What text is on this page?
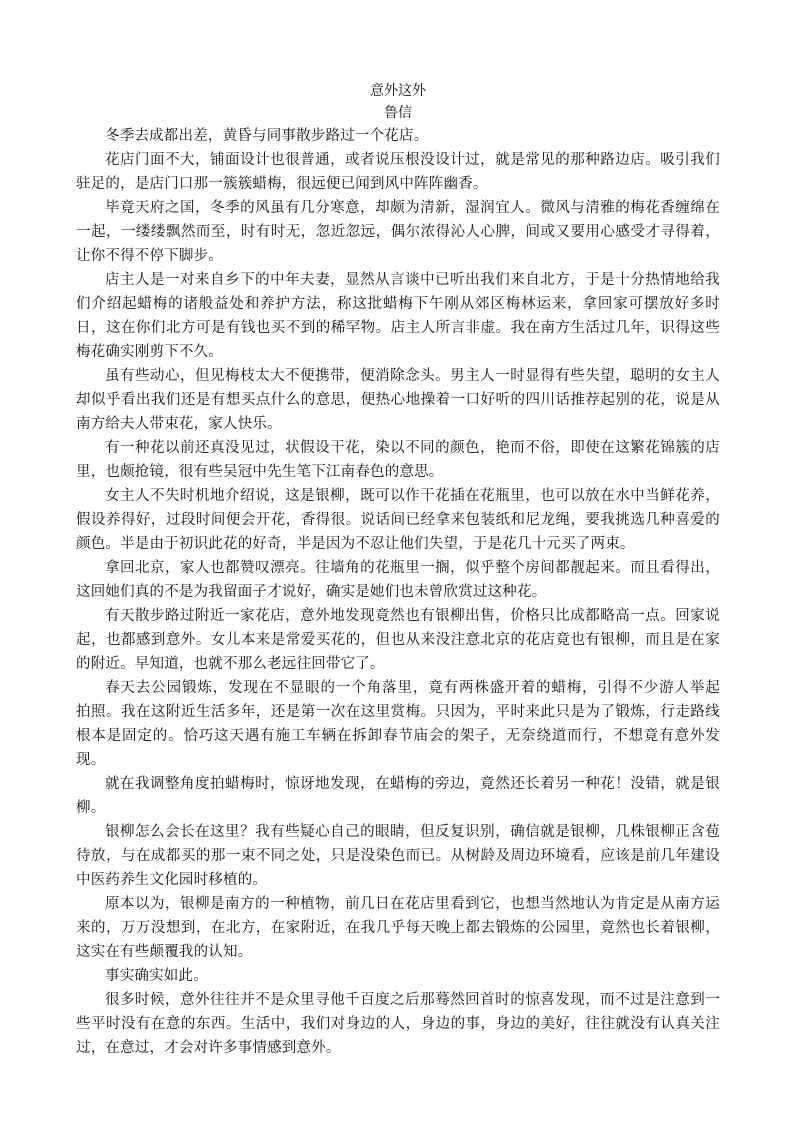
意外这外
鲁信

冬季去成都出差，黄昏与同事散步路过一个花店。

花店门面不大，铺面设计也很普通，或者说压根没设计过，就是常见的那种路边店。吸引我们驻足的，是店门口那一簇簇蜡梅，很远便已闻到风中阵阵幽香。

毕竟天府之国，冬季的风虽有几分寒意，却颇为清新，湿润宜人。微风与清雅的梅花香缠绵在一起，一缕缕飘然而至，时有时无，忽近忽远，偶尔浓得沁人心脾，间或又要用心感受才寻得着，让你不得不停下脚步。

店主人是一对来自乡下的中年夫妻，显然从言谈中已听出我们来自北方，于是十分热情地给我们介绍起蜡梅的诸般益处和养护方法，称这批蜡梅下午刚从郊区梅林运来，拿回家可摆放好多时日，这在你们北方可是有钱也买不到的稀罕物。店主人所言非虚。我在南方生活过几年，识得这些梅花确实刚剪下不久。

虽有些动心，但见梅枝太大不便携带，便消除念头。男主人一时显得有些失望，聪明的女主人却似乎看出我们还是有想买点什么的意思，便热心地操着一口好听的四川话推荐起别的花，说是从南方给夫人带束花，家人快乐。

有一种花以前还真没见过，状假设干花，染以不同的颜色，艳而不俗，即使在这繁花锦簇的店里，也颇抢镜，很有些吴冠中先生笔下江南春色的意思。

女主人不失时机地介绍说，这是银柳，既可以作干花插在花瓶里，也可以放在水中当鲜花养，假设养得好，过段时间便会开花，香得很。说话间已经拿来包装纸和尼龙绳，要我挑选几种喜爱的颜色。半是由于初识此花的好奇，半是因为不忍让他们失望，于是花几十元买了两束。

拿回北京，家人也都赞叹漂亮。往墙角的花瓶里一搁，似乎整个房间都靓起来。而且看得出，这回她们真的不是为我留面子才说好，确实是她们也未曾欣赏过这种花。

有天散步路过附近一家花店，意外地发现竟然也有银柳出售，价格只比成都略高一点。回家说起，也都感到意外。女儿本来是常爱买花的，但也从来没注意北京的花店竟也有银柳，而且是在家的附近。早知道，也就不那么老远往回带它了。

春天去公园锻炼，发现在不显眼的一个角落里，竟有两株盛开着的蜡梅，引得不少游人举起　 拍照。我在这附近生活多年，还是第一次在这里赏梅。只因为，平时来此只是为了锻炼，行走路线根本是固定的。恰巧这天遇有施工车辆在拆卸春节庙会的架子，无奈绕道而行，不想竟有意外发现。

就在我调整角度拍蜡梅时，惊讶地发现，在蜡梅的旁边，竟然还长着另一种花！没错，就是银柳。

银柳怎么会长在这里？我有些疑心自己的眼睛，但反复识别，确信就是银柳，几株银柳正含苞待放，与在成都买的那一束不同之处，只是没染色而已。从树龄及周边环境看，应该是前几年建设中医药养生文化园时移植的。

原本以为，银柳是南方的一种植物，前几日在花店里看到它，也想当然地认为肯定是从南方运来的，万万没想到，在北方，在家附近，在我几乎每天晚上都去锻炼的公园里，竟然也长着银柳，这实在有些颠覆我的认知。

事实确实如此。

很多时候，意外往往并不是众里寻他千百度之后那蓦然回首时的惊喜发现，而不过是注意到一些平时没有在意的东西。生活中，我们对身边的人，身边的事，身边的美好，往往就没有认真关注过，在意过，才会对许多事情感到意外。
